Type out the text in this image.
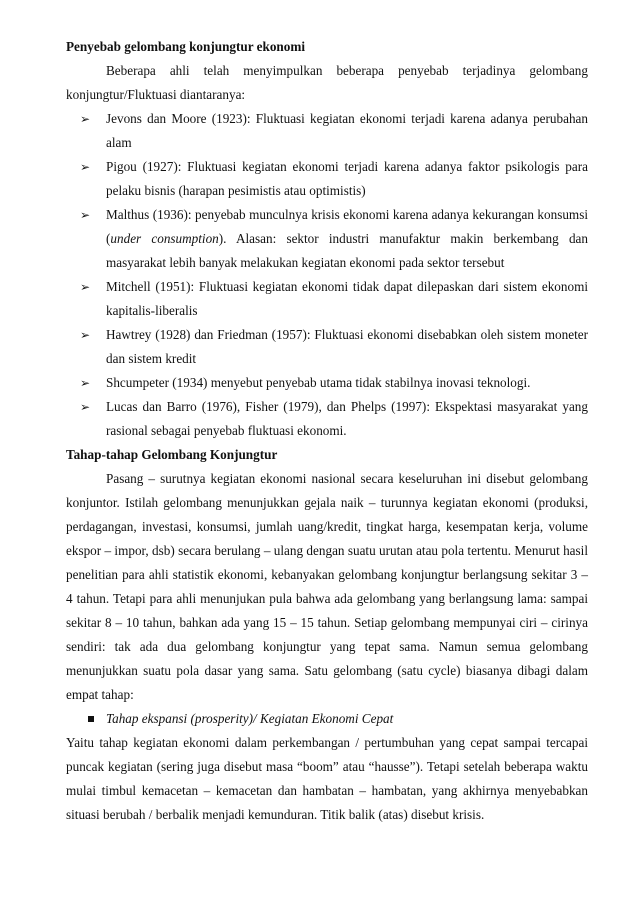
Penyebab gelombang konjungtur ekonomi

Beberapa ahli telah menyimpulkan beberapa penyebab terjadinya gelombang konjungtur/Fluktuasi diantaranya:

➢ Jevons dan Moore (1923): Fluktuasi kegiatan ekonomi terjadi karena adanya perubahan alam
➢ Pigou (1927): Fluktuasi kegiatan ekonomi terjadi karena adanya faktor psikologis para pelaku bisnis (harapan pesimistis atau optimistis)
➢ Malthus (1936): penyebab munculnya krisis ekonomi karena adanya kekurangan konsumsi (under consumption). Alasan: sektor industri manufaktur makin berkembang dan masyarakat lebih banyak melakukan kegiatan ekonomi pada sektor tersebut
➢ Mitchell (1951): Fluktuasi kegiatan ekonomi tidak dapat dilepaskan dari sistem ekonomi kapitalis-liberalis
➢ Hawtrey (1928) dan Friedman (1957): Fluktuasi ekonomi disebabkan oleh sistem moneter dan sistem kredit
➢ Shcumpeter (1934) menyebut penyebab utama tidak stabilnya inovasi teknologi.
➢ Lucas dan Barro (1976), Fisher (1979), dan Phelps (1997): Ekspektasi masyarakat yang rasional sebagai penyebab fluktuasi ekonomi.

Tahap-tahap Gelombang Konjungtur

Pasang – surutnya kegiatan ekonomi nasional secara keseluruhan ini disebut gelombang konjuntor. Istilah gelombang menunjukkan gejala naik – turunnya kegiatan ekonomi (produksi, perdagangan, investasi, konsumsi, jumlah uang/kredit, tingkat harga, kesempatan kerja, volume ekspor – impor, dsb) secara berulang – ulang dengan suatu urutan atau pola tertentu. Menurut hasil penelitian para ahli statistik ekonomi, kebanyakan gelombang konjungtur berlangsung sekitar 3 – 4 tahun. Tetapi para ahli menunjukan pula bahwa ada gelombang yang berlangsung lama: sampai sekitar 8 – 10 tahun, bahkan ada yang 15 – 15 tahun. Setiap gelombang mempunyai ciri – cirinya sendiri: tak ada dua gelombang konjungtur yang tepat sama. Namun semua gelombang menunjukkan suatu pola dasar yang sama. Satu gelombang (satu cycle) biasanya dibagi dalam empat tahap:

Tahap ekspansi (prosperity)/ Kegiatan Ekonomi Cepat

Yaitu tahap kegiatan ekonomi dalam perkembangan / pertumbuhan yang cepat sampai tercapai puncak kegiatan (sering juga disebut masa “boom” atau “hausse”). Tetapi setelah beberapa waktu mulai timbul kemacetan – kemacetan dan hambatan – hambatan, yang akhirnya menyebabkan situasi berubah / berbalik menjadi kemunduran. Titik balik (atas) disebut krisis.
